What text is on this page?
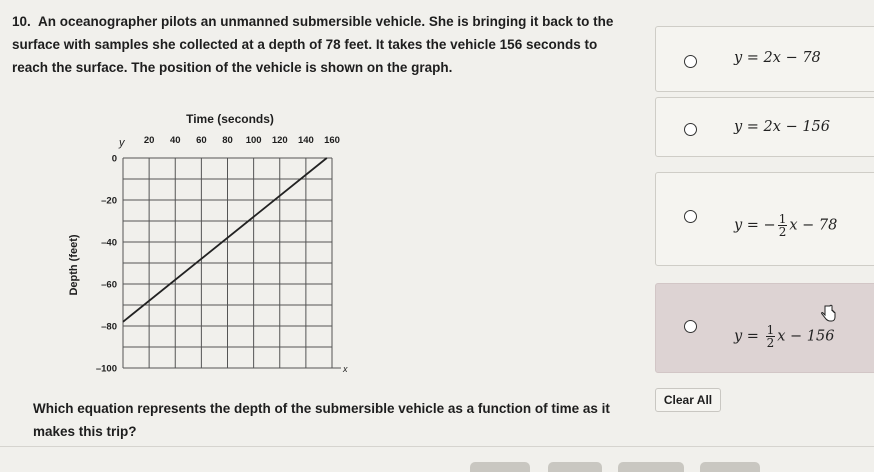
10. An oceanographer pilots an unmanned submersible vehicle. She is bringing it back to the surface with samples she collected at a depth of 78 feet. It takes the vehicle 156 seconds to reach the surface. The position of the vehicle is shown on the graph.
Time (seconds)
y
x
Depth (feet)
20 40 60 80 100 120 140 160
0
–20
–40
–60
–80
–100
y = 2x − 78
y = 2x − 156
y = − $\frac{1}{2}$ x − 78
$y = \frac{1}{2}$ x − 156
Which equation represents the depth of the submersible vehicle as a function of time as it makes this trip?
Clear All
